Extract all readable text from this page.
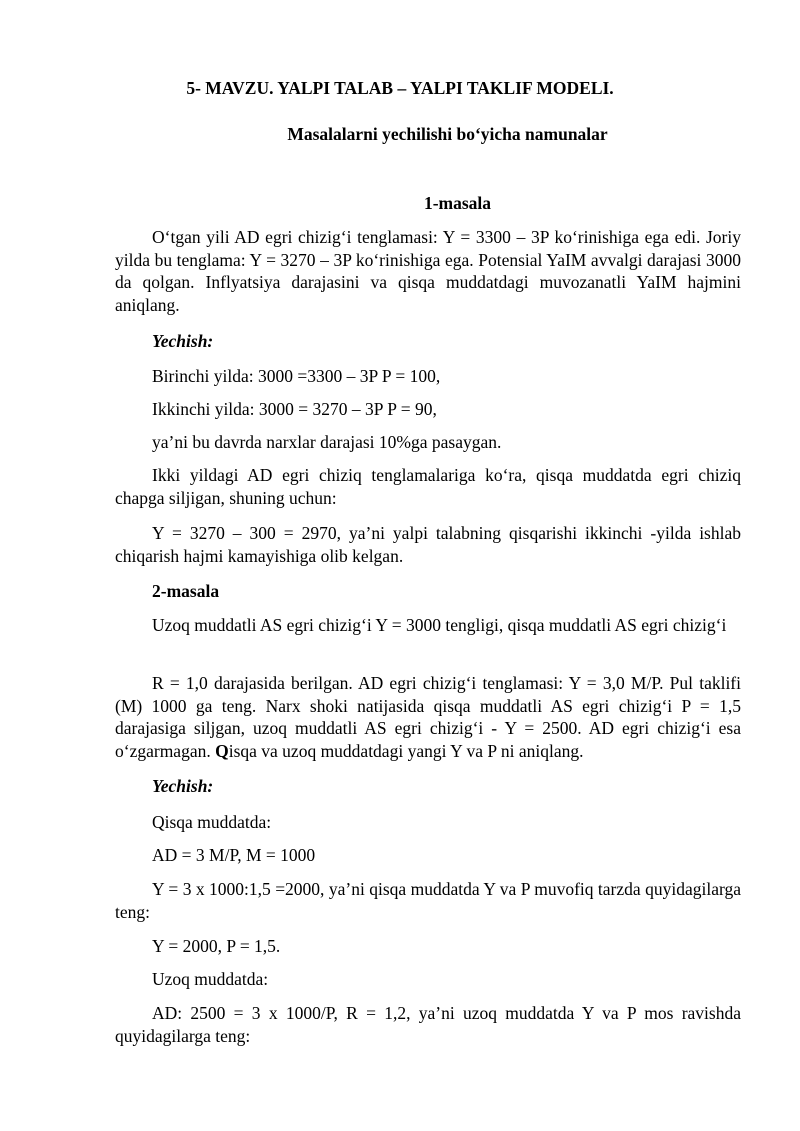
5- MAVZU. YALPI TALAB – YALPI TAKLIF MODELI.
Masalalarni yechilishi bo‘yicha namunalar
1-masala
O‘tgan yili AD egri chizig‘i tenglamasi: Y = 3300 – 3P ko‘rinishiga ega edi. Joriy yilda bu tenglama: Y = 3270 – 3P ko‘rinishiga ega. Potensial YaIM avvalgi darajasi 3000 da qolgan. Inflyatsiya darajasini va qisqa muddatdagi muvozanatli YaIM hajmini aniqlang.
Yechish:
Birinchi yilda: 3000 =3300 – 3P P = 100,
Ikkinchi yilda: 3000 = 3270 – 3P P = 90,
ya’ni bu davrda narxlar darajasi 10%ga pasaygan.
Ikki yildagi AD egri chiziq tenglamalariga ko‘ra, qisqa muddatda egri chiziq chapga siljigan, shuning uchun:
Y = 3270 – 300 = 2970, ya’ni yalpi talabning qisqarishi ikkinchi -yilda ishlab chiqarish hajmi kamayishiga olib kelgan.
2-masala
Uzoq muddatli AS egri chizig‘i Y = 3000 tengligi, qisqa muddatli AS egri chizig‘i
R = 1,0 darajasida berilgan. AD egri chizig‘i tenglamasi: Y = 3,0 M/P. Pul taklifi (M) 1000 ga teng. Narx shoki natijasida qisqa muddatli AS egri chizig‘i P = 1,5 darajasiga siljgan, uzoq muddatli AS egri chizig‘i - Y = 2500. AD egri chizig‘i esa o‘zgarmagan. Qisqa va uzoq muddatdagi yangi Y va P ni aniqlang.
Yechish:
Qisqa muddatda:
AD = 3 M/P, M = 1000
Y = 3 x 1000:1,5 =2000, ya’ni qisqa muddatda Y va P muvofiq tarzda quyidagilarga teng:
Y = 2000, P = 1,5.
Uzoq muddatda:
AD: 2500 = 3 x 1000/P, R = 1,2, ya’ni uzoq muddatda Y va P mos ravishda quyidagilarga teng:
